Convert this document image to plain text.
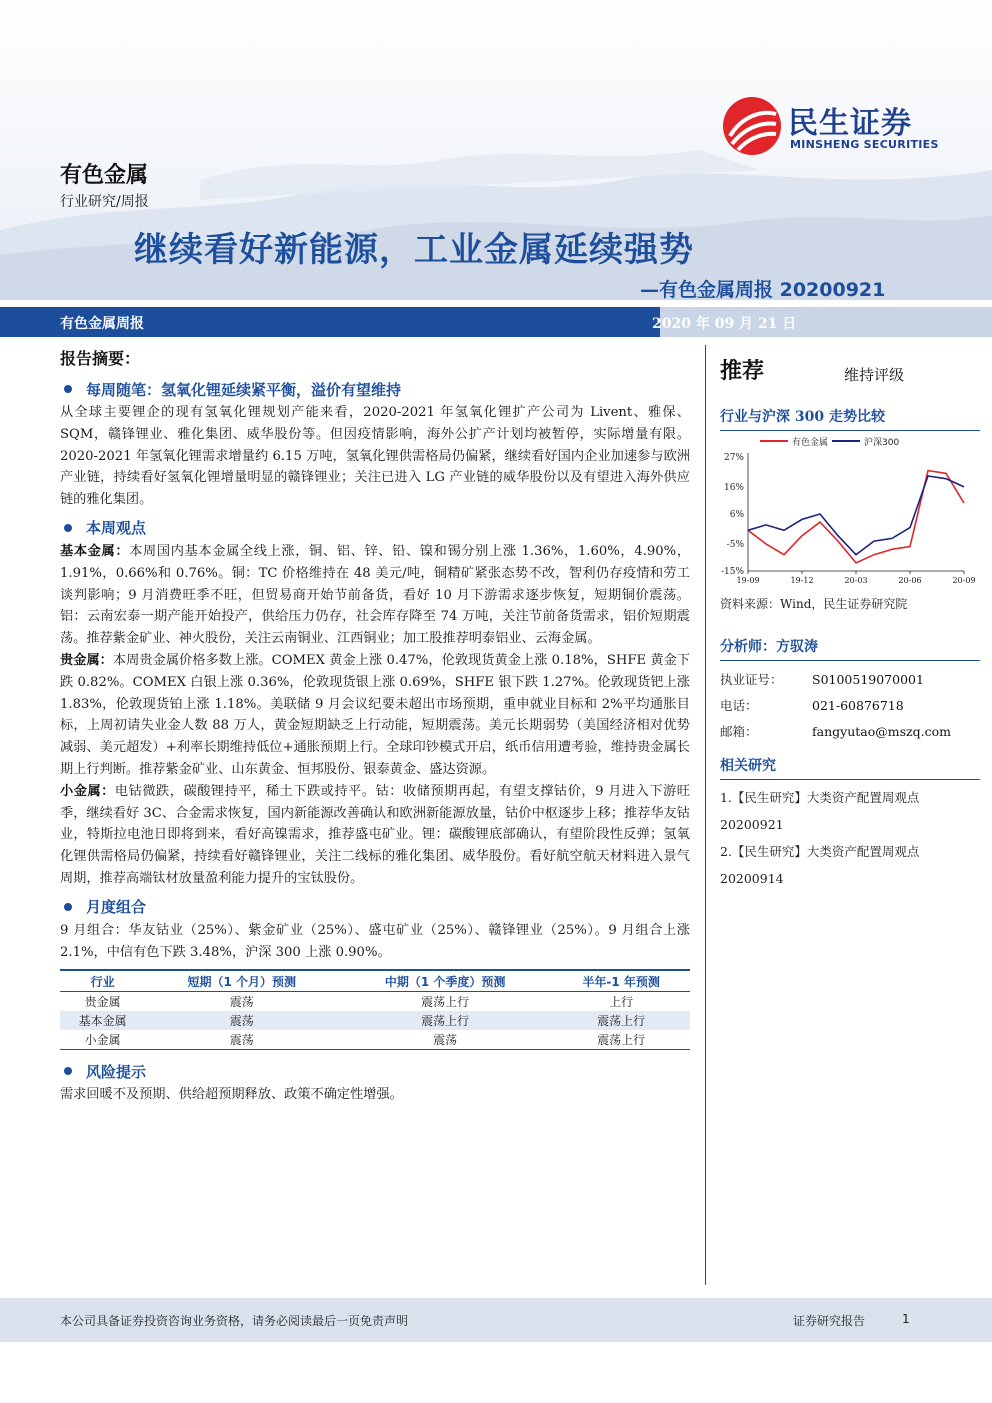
民生证券
MINSHENG SECURITIES
有色金属
行业研究/周报
继续看好新能源，工业金属延续强势
—有色金属周报 20200921
有色金属周报	2020 年 09 月 21 日
报告摘要：
每周随笔：氢氧化锂延续紧平衡，溢价有望维持

从全球主要锂企的现有氢氧化锂规划产能来看，2020-2021 年氢氧化锂扩产公司为 Livent、雅保、SQM，赣锋锂业、雅化集团、威华股份等。但因疫情影响，海外公扩产计划均被暂停，实际增量有限。2020-2021 年氢氧化锂需求增量约 6.15 万吨，氢氧化锂供需格局仍偏紧，继续看好国内企业加速参与欧洲产业链，持续看好氢氧化锂增量明显的赣锋锂业；关注已进入 LG 产业链的威华股份以及有望进入海外供应链的雅化集团。

本周观点

基本金属：本周国内基本金属全线上涨，铜、铝、锌、铅、镍和锡分别上涨 1.36%，1.60%，4.90%，1.91%，0.66%和 0.76%。铜：TC 价格维持在 48 美元/吨，铜精矿紧张态势不改，智利仍存疫情和劳工谈判影响；9 月消费旺季不旺，但贸易商开始节前备货，看好 10 月下游需求逐步恢复，短期铜价震荡。铝：云南宏泰一期产能开始投产，供给压力仍存，社会库存降至 74 万吨，关注节前备货需求，铝价短期震荡。推荐紫金矿业、神火股份，关注云南铜业、江西铜业；加工股推荐明泰铝业、云海金属。

贵金属：本周贵金属价格多数上涨。COMEX 黄金上涨 0.47%，伦敦现货黄金上涨 0.18%，SHFE 黄金下跌 0.82%。COMEX 白银上涨 0.36%，伦敦现货银上涨 0.69%，SHFE 银下跌 1.27%。伦敦现货钯上涨 1.83%，伦敦现货铂上涨 1.18%。美联储 9 月会议纪要未超出市场预期，重申就业目标和 2%平均通胀目标，上周初请失业金人数 88 万人，黄金短期缺乏上行动能，短期震荡。美元长期弱势（美国经济相对优势减弱、美元超发）+利率长期维持低位+通胀预期上行。全球印钞模式开启，纸币信用遭考验，维持贵金属长期上行判断。推荐紫金矿业、山东黄金、恒邦股份、银泰黄金、盛达资源。

小金属：电钴微跌，碳酸锂持平，稀土下跌或持平。钴：收储预期再起，有望支撑钴价，9 月进入下游旺季，继续看好 3C、合金需求恢复，国内新能源改善确认和欧洲新能源放量，钴价中枢逐步上移；推荐华友钴业，特斯拉电池日即将到来，看好高镍需求，推荐盛屯矿业。锂：碳酸锂底部确认，有望阶段性反弹；氢氧化锂供需格局仍偏紧，持续看好赣锋锂业，关注二线标的雅化集团、威华股份。看好航空航天材料进入景气周期，推荐高端钛材放量盈利能力提升的宝钛股份。

月度组合

9 月组合：华友钴业（25%）、紫金矿业（25%）、盛屯矿业（25%）、赣锋锂业（25%）。9 月组合上涨 2.1%，中信有色下跌 3.48%，沪深 300 上涨 0.90%。

行业	短期（1 个月）预测	中期（1 个季度）预测	半年-1 年预测
贵金属	震荡	震荡上行	上行
基本金属	震荡	震荡上行	震荡上行
小金属	震荡	震荡	震荡上行
风险提示

需求回暖不及预期、供给超预期释放、政策不确定性增强。

推荐	维持评级
行业与沪深 300 走势比较
有色金属	沪深300
27%
16%
6%
-5%
-15%
19-09	19-12	20-03	20-06	20-09
资料来源：Wind，民生证券研究院
分析师：方驭涛
执业证号：	S0100519070001
电话：	021-60876718
邮箱：	fangyutao@mszq.com
相关研究
1.【民生研究】大类资产配置周观点 20200921
2.【民生研究】大类资产配置周观点 20200914
本公司具备证券投资咨询业务资格，请务必阅读最后一页免责声明	证券研究报告	1
